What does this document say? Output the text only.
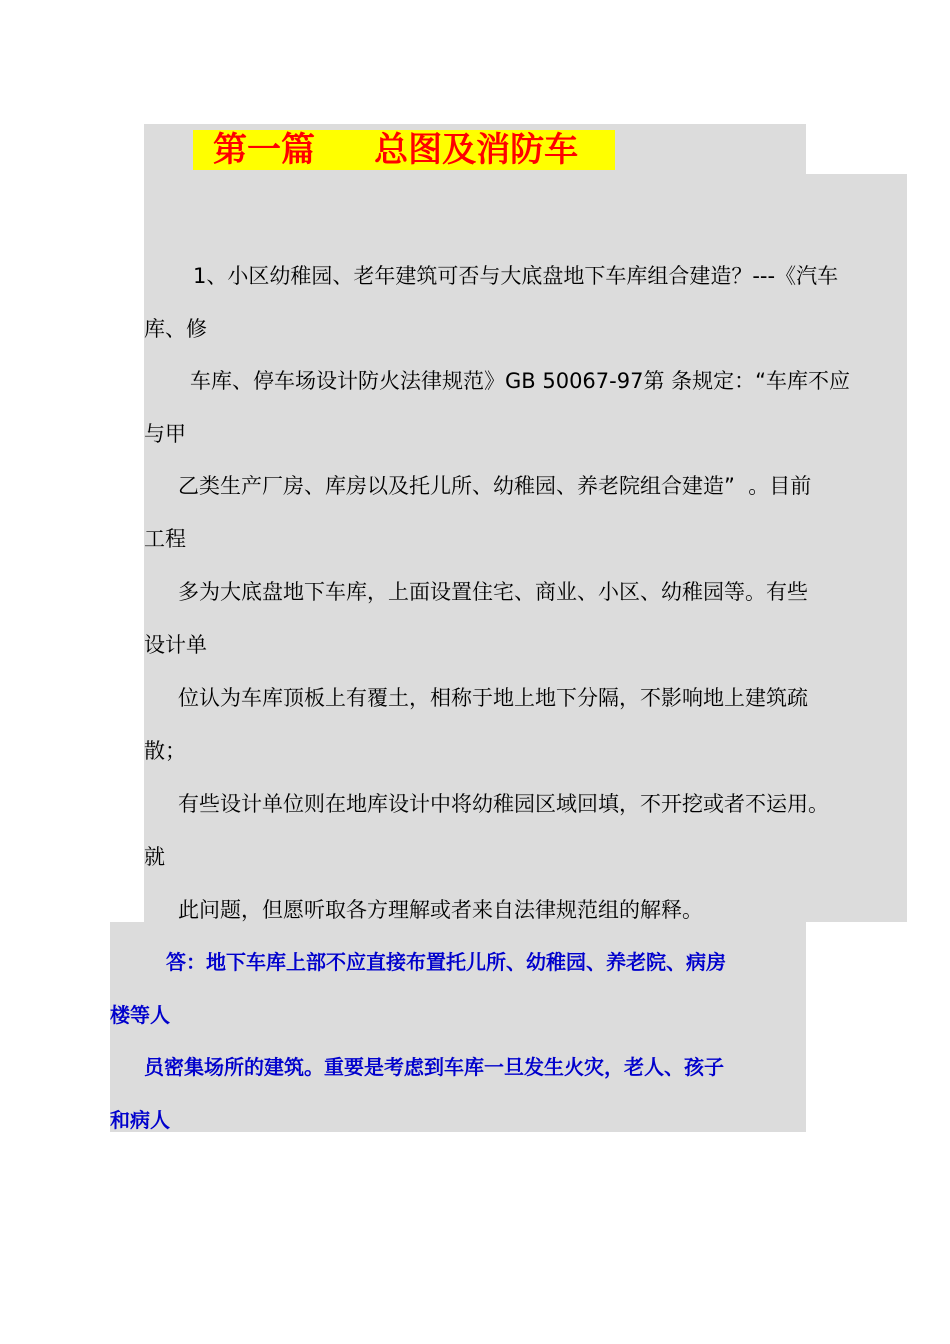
第一篇     总图及消防车
1、小区幼稚园、老年建筑可否与大底盘地下车库组合建造？---《汽车
库、修
车库、停车场设计防火法律规范》GB 50067-97第 条规定：“车库不应
与甲
乙类生产厂房、库房以及托儿所、幼稚园、养老院组合建造”  。目前
工程
多为大底盘地下车库，上面设置住宅、商业、小区、幼稚园等。有些
设计单
位认为车库顶板上有覆土，相称于地上地下分隔，不影响地上建筑疏
散；
有些设计单位则在地库设计中将幼稚园区域回填，不开挖或者不运用。
就
此问题，但愿听取各方理解或者来自法律规范组的解释。
答：地下车库上部不应直接布置托儿所、幼稚园、养老院、病房
楼等人
员密集场所的建筑。重要是考虑到车库一旦发生火灾，老人、孩子
和病人
